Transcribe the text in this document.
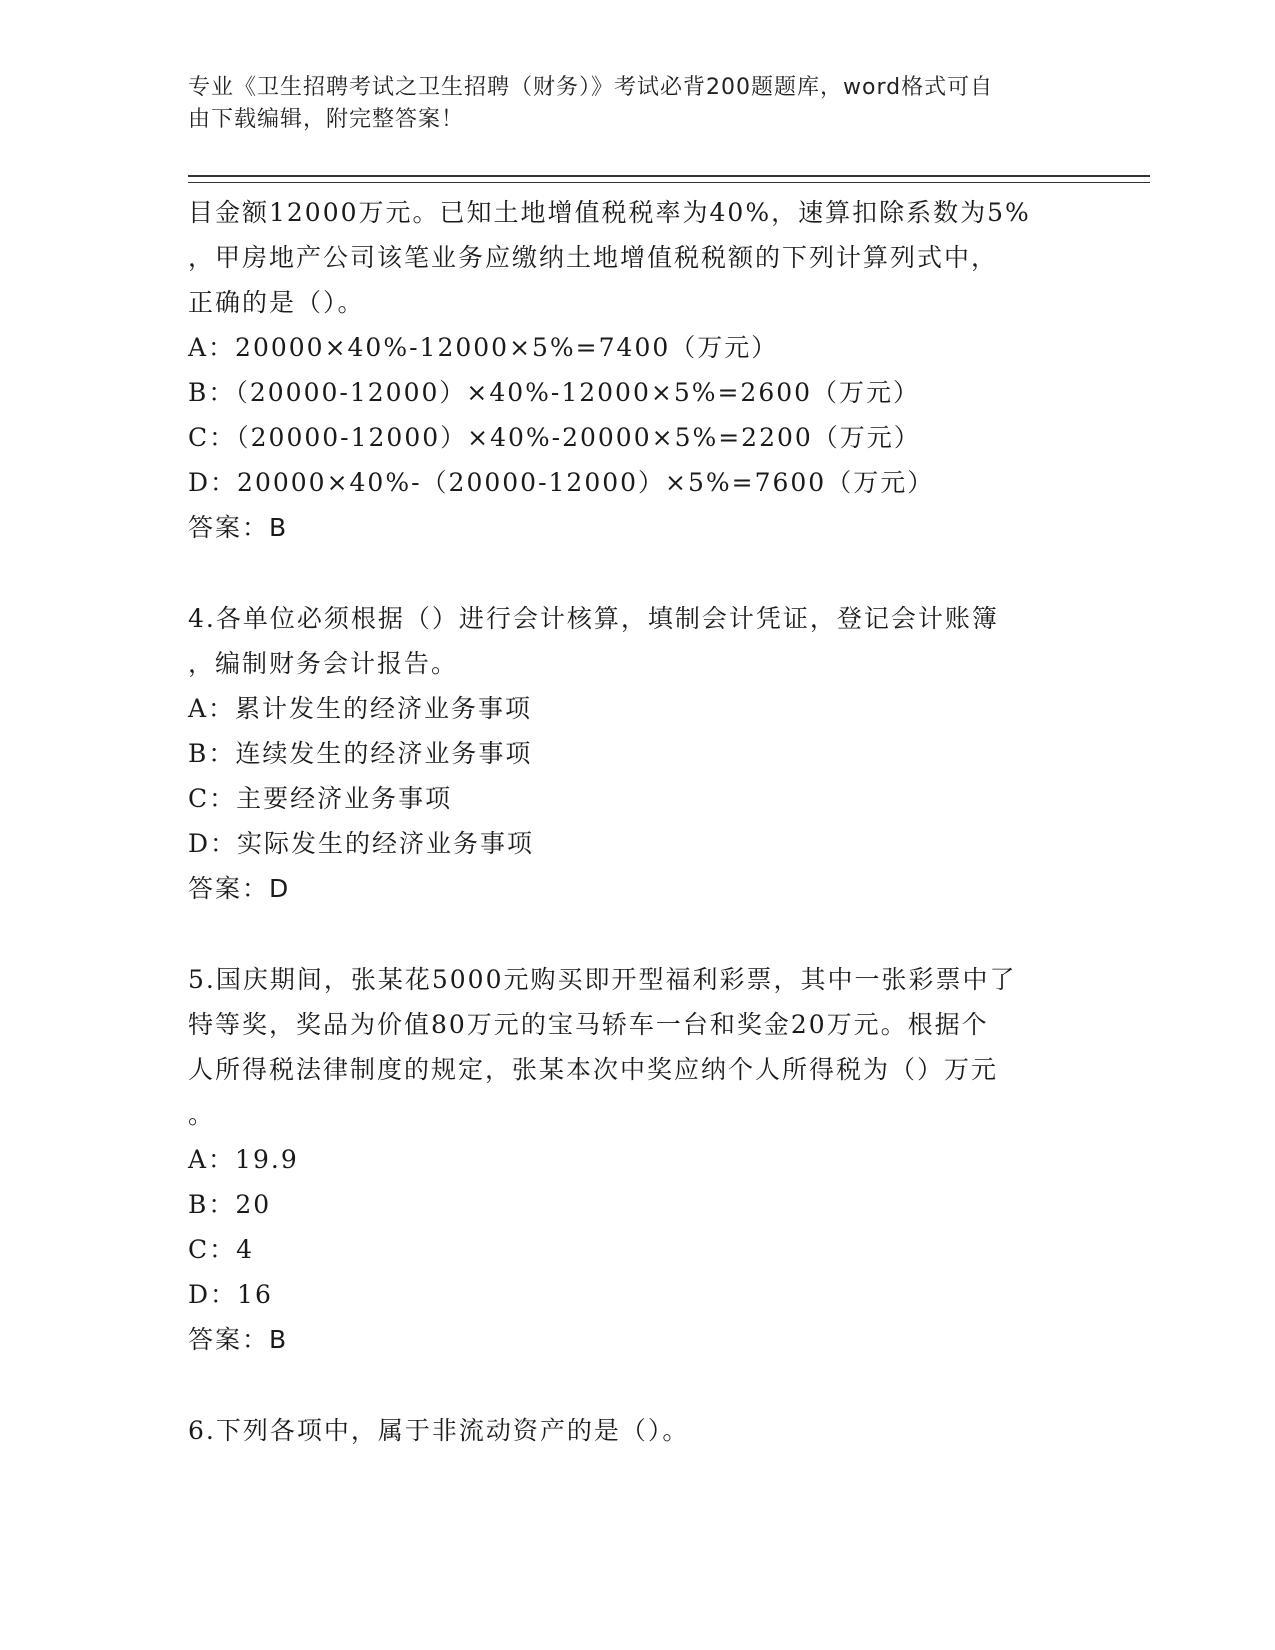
专业《卫生招聘考试之卫生招聘（财务）》考试必背200题题库，word格式可自
由下载编辑，附完整答案！
目金额12000万元。已知土地增值税税率为40%，速算扣除系数为5%
，甲房地产公司该笔业务应缴纳土地增值税税额的下列计算列式中，
正确的是（）。
A：20000×40%-12000×5%=7400（万元）
B：（20000-12000）×40%-12000×5%=2600（万元）
C：（20000-12000）×40%-20000×5%=2200（万元）
D：20000×40%-（20000-12000）×5%=7600（万元）
答案：B
4.各单位必须根据（）进行会计核算，填制会计凭证，登记会计账簿
，编制财务会计报告。
A：累计发生的经济业务事项
B：连续发生的经济业务事项
C：主要经济业务事项
D：实际发生的经济业务事项
答案：D
5.国庆期间，张某花5000元购买即开型福利彩票，其中一张彩票中了
特等奖，奖品为价值80万元的宝马轿车一台和奖金20万元。根据个
人所得税法律制度的规定，张某本次中奖应纳个人所得税为（）万元
。
A：19.9
B：20
C：4
D：16
答案：B
6.下列各项中，属于非流动资产的是（）。
